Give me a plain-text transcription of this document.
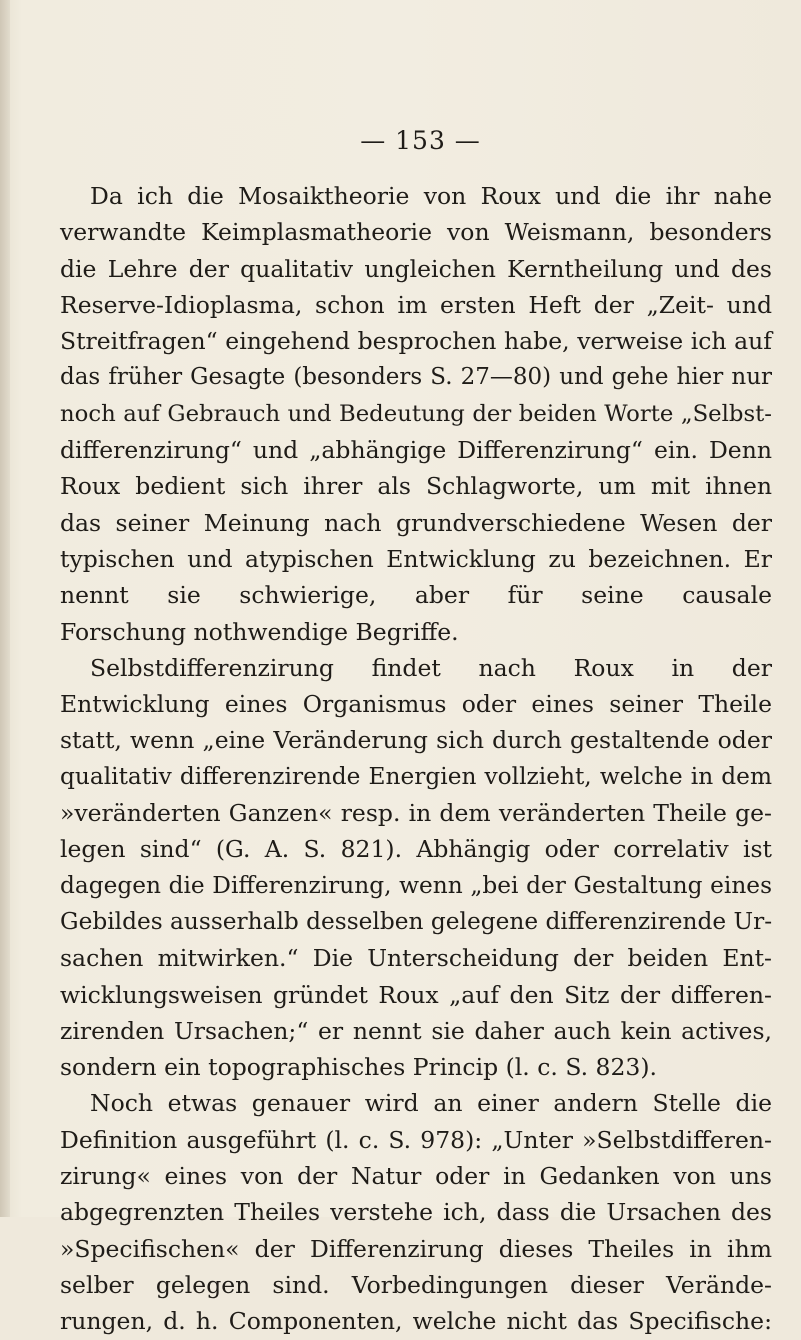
— 153 —
Da ich die Mosaiktheorie von Roux und die ihr nahe
verwandte Keimplasmatheorie von Weismann, besonders
die Lehre der qualitativ ungleichen Kerntheilung und des
Reserve-Idioplasma, schon im ersten Heft der „Zeit- und
Streitfragen“ eingehend besprochen habe, verweise ich auf
das früher Gesagte (besonders S. 27—80) und gehe hier nur
noch auf Gebrauch und Bedeutung der beiden Worte „Selbst-
differenzirung“ und „abhängige Differenzirung“ ein. Denn
Roux bedient sich ihrer als Schlagworte, um mit ihnen
das seiner Meinung nach grundverschiedene Wesen der
typischen und atypischen Entwicklung zu bezeichnen. Er
nennt sie schwierige, aber für seine causale
Forschung nothwendige Begriffe.
Selbstdifferenzirung findet nach Roux in der
Entwicklung eines Organismus oder eines seiner Theile
statt, wenn „eine Veränderung sich durch gestaltende oder
qualitativ differenzirende Energien vollzieht, welche in dem
»veränderten Ganzen« resp. in dem veränderten Theile ge-
legen sind“ (G. A. S. 821). Abhängig oder correlativ ist
dagegen die Differenzirung, wenn „bei der Gestaltung eines
Gebildes ausserhalb desselben gelegene differenzirende Ur-
sachen mitwirken.“ Die Unterscheidung der beiden Ent-
wicklungsweisen gründet Roux „auf den Sitz der differen-
zirenden Ursachen;“ er nennt sie daher auch kein actives,
sondern ein topographisches Princip (l. c. S. 823).
Noch etwas genauer wird an einer andern Stelle die
Definition ausgeführt (l. c. S. 978): „Unter »Selbstdifferen-
zirung« eines von der Natur oder in Gedanken von uns
abgegrenzten Theiles verstehe ich, dass die Ursachen des
»Specifischen« der Differenzirung dieses Theiles in ihm
selber gelegen sind. Vorbedingungen dieser Verände-
rungen, d. h. Componenten, welche nicht das Specifische:
